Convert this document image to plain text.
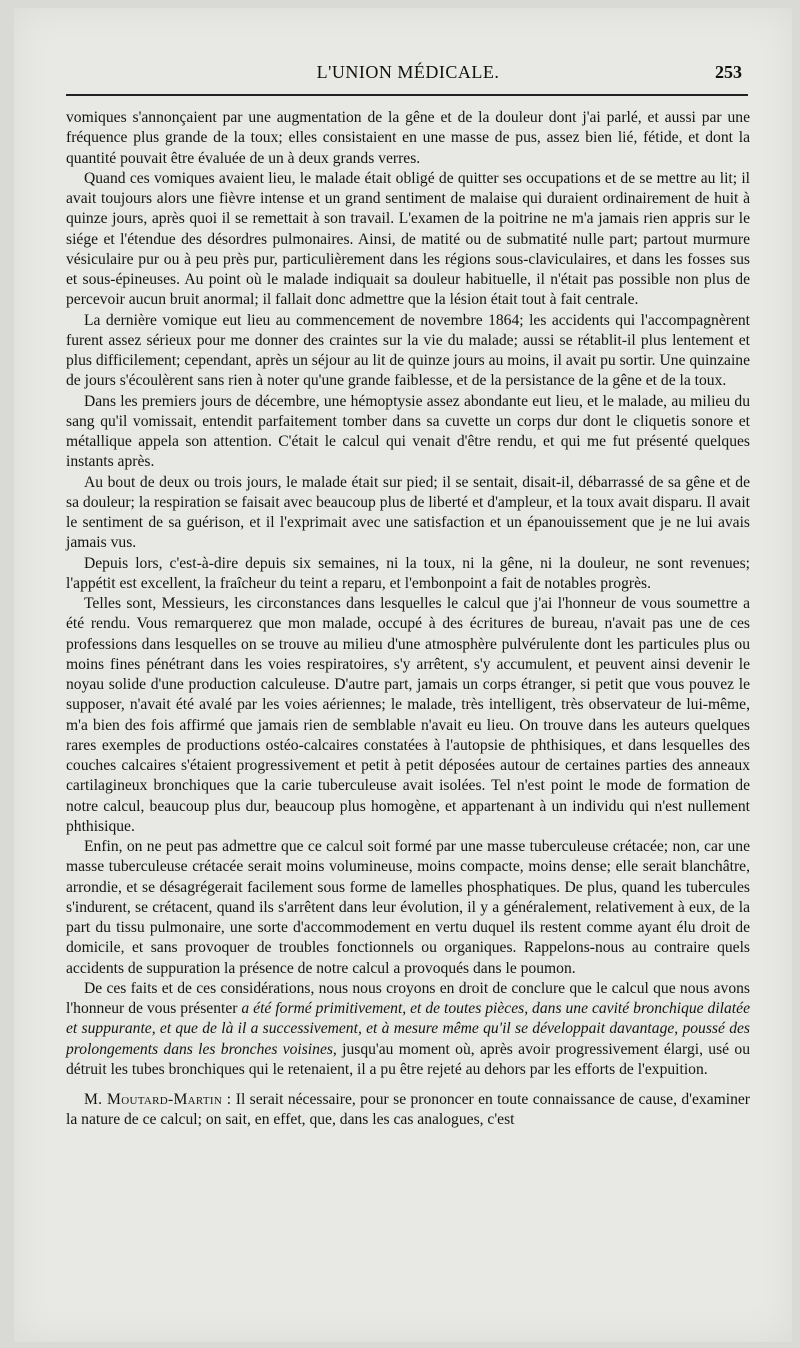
L'UNION MÉDICALE.	253

vomiques s'annonçaient par une augmentation de la gêne et de la douleur dont j'ai parlé, et aussi par une fréquence plus grande de la toux; elles consistaient en une masse de pus, assez bien lié, fétide, et dont la quantité pouvait être évaluée de un à deux grands verres.

Quand ces vomiques avaient lieu, le malade était obligé de quitter ses occupations et de se mettre au lit; il avait toujours alors une fièvre intense et un grand sentiment de malaise qui duraient ordinairement de huit à quinze jours, après quoi il se remettait à son travail. L'examen de la poitrine ne m'a jamais rien appris sur le siége et l'étendue des désordres pulmonaires. Ainsi, de matité ou de submatité nulle part; partout murmure vésiculaire pur ou à peu près pur, particulièrement dans les régions sous-claviculaires, et dans les fosses sus et sous-épineuses. Au point où le malade indiquait sa douleur habituelle, il n'était pas possible non plus de percevoir aucun bruit anormal; il fallait donc admettre que la lésion était tout à fait centrale.

La dernière vomique eut lieu au commencement de novembre 1864; les accidents qui l'accompagnèrent furent assez sérieux pour me donner des craintes sur la vie du malade; aussi se rétablit-il plus lentement et plus difficilement; cependant, après un séjour au lit de quinze jours au moins, il avait pu sortir. Une quinzaine de jours s'écoulèrent sans rien à noter qu'une grande faiblesse, et de la persistance de la gêne et de la toux.

Dans les premiers jours de décembre, une hémoptysie assez abondante eut lieu, et le malade, au milieu du sang qu'il vomissait, entendit parfaitement tomber dans sa cuvette un corps dur dont le cliquetis sonore et métallique appela son attention. C'était le calcul qui venait d'être rendu, et qui me fut présenté quelques instants après.

Au bout de deux ou trois jours, le malade était sur pied; il se sentait, disait-il, débarrassé de sa gêne et de sa douleur; la respiration se faisait avec beaucoup plus de liberté et d'ampleur, et la toux avait disparu. Il avait le sentiment de sa guérison, et il l'exprimait avec une satisfaction et un épanouissement que je ne lui avais jamais vus.

Depuis lors, c'est-à-dire depuis six semaines, ni la toux, ni la gêne, ni la douleur, ne sont revenues; l'appétit est excellent, la fraîcheur du teint a reparu, et l'embonpoint a fait de notables progrès.

Telles sont, Messieurs, les circonstances dans lesquelles le calcul que j'ai l'honneur de vous soumettre a été rendu. Vous remarquerez que mon malade, occupé à des écritures de bureau, n'avait pas une de ces professions dans lesquelles on se trouve au milieu d'une atmosphère pulvérulente dont les particules plus ou moins fines pénétrant dans les voies respiratoires, s'y arrêtent, s'y accumulent, et peuvent ainsi devenir le noyau solide d'une production calculeuse. D'autre part, jamais un corps étranger, si petit que vous pouvez le supposer, n'avait été avalé par les voies aériennes; le malade, très intelligent, très observateur de lui-même, m'a bien des fois affirmé que jamais rien de semblable n'avait eu lieu. On trouve dans les auteurs quelques rares exemples de productions ostéo-calcaires constatées à l'autopsie de phthisiques, et dans lesquelles des couches calcaires s'étaient progressivement et petit à petit déposées autour de certaines parties des anneaux cartilagineux bronchiques que la carie tuberculeuse avait isolées. Tel n'est point le mode de formation de notre calcul, beaucoup plus dur, beaucoup plus homogène, et appartenant à un individu qui n'est nullement phthisique.

Enfin, on ne peut pas admettre que ce calcul soit formé par une masse tuberculeuse crétacée; non, car une masse tuberculeuse crétacée serait moins volumineuse, moins compacte, moins dense; elle serait blanchâtre, arrondie, et se désagrégerait facilement sous forme de lamelles phosphatiques. De plus, quand les tubercules s'indurent, se crétacent, quand ils s'arrêtent dans leur évolution, il y a généralement, relativement à eux, de la part du tissu pulmonaire, une sorte d'accommodement en vertu duquel ils restent comme ayant élu droit de domicile, et sans provoquer de troubles fonctionnels ou organiques. Rappelons-nous au contraire quels accidents de suppuration la présence de notre calcul a provoqués dans le poumon.

De ces faits et de ces considérations, nous nous croyons en droit de conclure que le calcul que nous avons l'honneur de vous présenter a été formé primitivement, et de toutes pièces, dans une cavité bronchique dilatée et suppurante, et que de là il a successivement, et à mesure même qu'il se développait davantage, poussé des prolongements dans les bronches voisines, jusqu'au moment où, après avoir progressivement élargi, usé ou détruit les tubes bronchiques qui le retenaient, il a pu être rejeté au dehors par les efforts de l'expuition.

M. Moutard-Martin : Il serait nécessaire, pour se prononcer en toute connaissance de cause, d'examiner la nature de ce calcul; on sait, en effet, que, dans les cas analogues, c'est
